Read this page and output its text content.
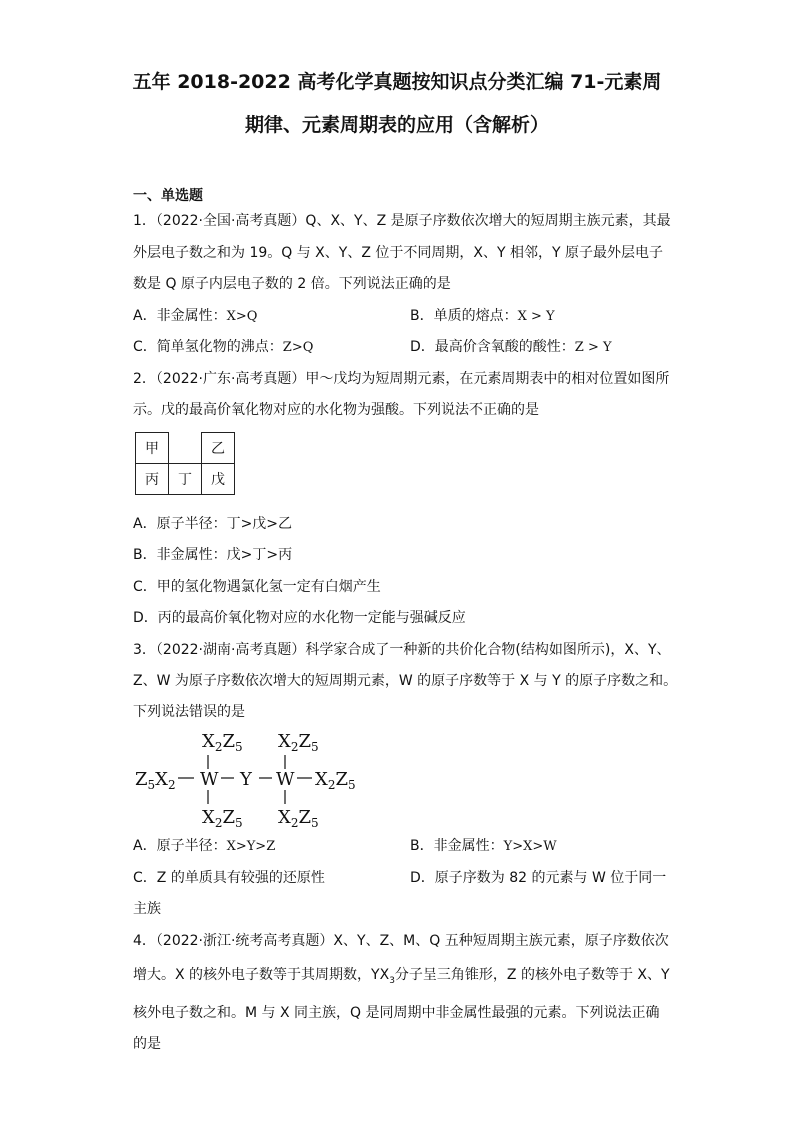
五年 2018-2022 高考化学真题按知识点分类汇编 71-元素周
期律、元素周期表的应用（含解析）
一、单选题
1．（2022·全国·高考真题）Q、X、Y、Z 是原子序数依次增大的短周期主族元素，其最
外层电子数之和为 19。Q 与 X、Y、Z 位于不同周期，X、Y 相邻，Y 原子最外层电子
数是 Q 原子内层电子数的 2 倍。下列说法正确的是
A．非金属性：X>Q	B．单质的熔点：X > Y
C．简单氢化物的沸点：Z>Q	D．最高价含氧酸的酸性：Z > Y
2．（2022·广东·高考真题）甲～戊均为短周期元素，在元素周期表中的相对位置如图所
示。戊的最高价氧化物对应的水化物为强酸。下列说法不正确的是
甲		乙
丙	丁	戊
A．原子半径：丁>戊>乙
B．非金属性：戊>丁>丙
C．甲的氢化物遇氯化氢一定有白烟产生
D．丙的最高价氧化物对应的水化物一定能与强碱反应
3．（2022·湖南·高考真题）科学家合成了一种新的共价化合物(结构如图所示)，X、Y、
Z、W 为原子序数依次增大的短周期元素，W 的原子序数等于 X 与 Y 的原子序数之和。
下列说法错误的是
$X_2Z_5$ $X_2Z_5$
$Z_5X_2$ W Y W $X_2Z_5$
$X_2Z_5$ $X_2Z_5$
A．原子半径：X>Y>Z	B．非金属性：Y>X>W
C．Z 的单质具有较强的还原性	D．原子序数为 82 的元素与 W 位于同一
主族
4．（2022·浙江·统考高考真题）X、Y、Z、M、Q 五种短周期主族元素，原子序数依次
增大。X 的核外电子数等于其周期数，$YX_3$分子呈三角锥形，Z 的核外电子数等于 X、Y
核外电子数之和。M 与 X 同主族，Q 是同周期中非金属性最强的元素。下列说法正确
的是
